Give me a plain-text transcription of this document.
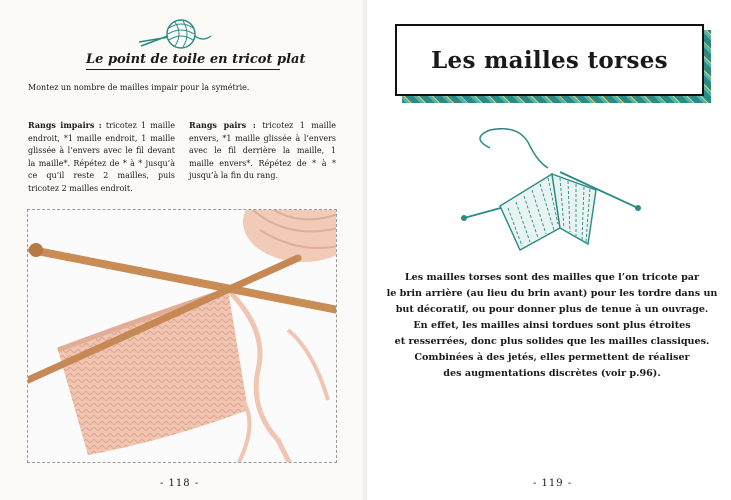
Le point de toile en tricot plat
Montez un nombre de mailles impair pour la symétrie.
Rangs impairs : tricotez 1 maille endroit, *1 maille endroit, 1 maille glissée à l’envers avec le fil devant la maille*. Répétez de * à * jusqu’à ce qu’il reste 2 mailles, puis tricotez 2 mailles endroit.
Rangs pairs : tricotez 1 maille envers, *1 maille glissée à l’envers avec le fil derrière la maille, 1 maille envers*. Répétez de * à * jusqu’à la fin du rang.
- 118 -
Les mailles torses
Les mailles torses sont des mailles que l’on tricote par
le brin arrière (au lieu du brin avant) pour les tordre dans un
but décoratif, ou pour donner plus de tenue à un ouvrage.
En effet, les mailles ainsi tordues sont plus étroites
et resserrées, donc plus solides que les mailles classiques.
Combinées à des jetés, elles permettent de réaliser
des augmentations discrètes (voir p.96).
- 119 -
